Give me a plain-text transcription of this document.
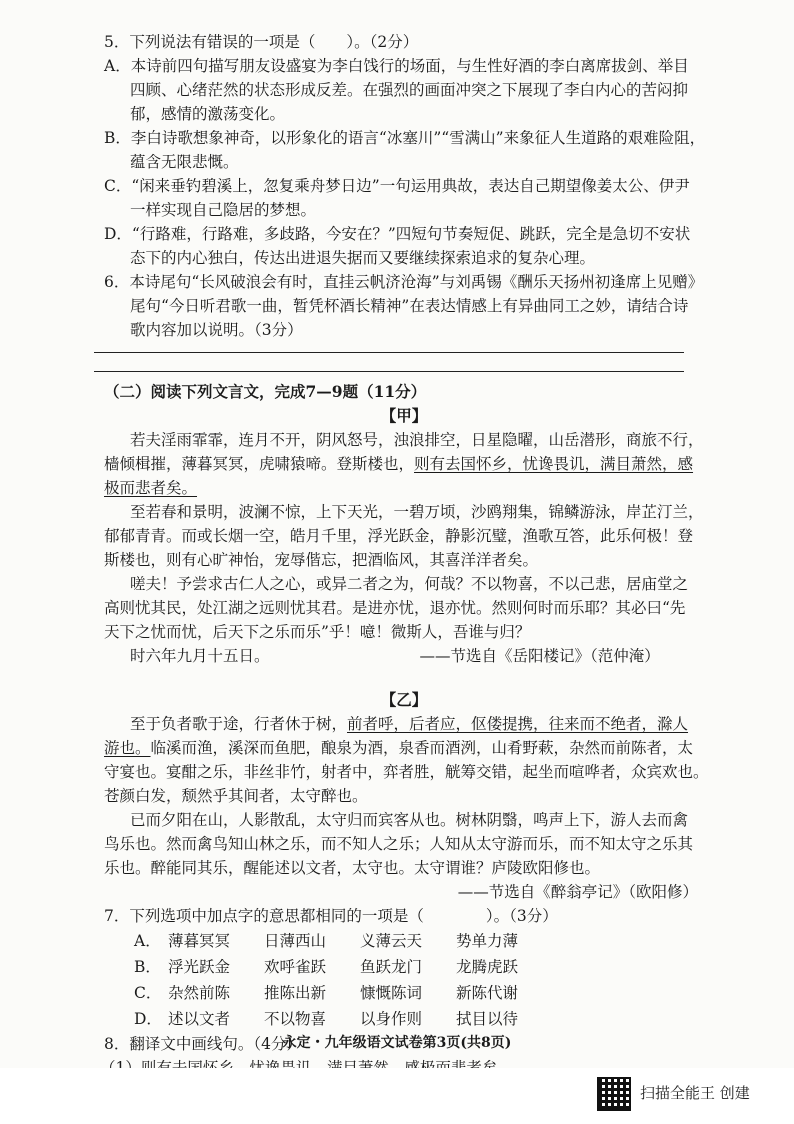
5．下列说法有错误的一项是（　　）。（2分）
A．本诗前四句描写朋友设盛宴为李白饯行的场面，与生性好酒的李白离席拔剑、举目
四顾、心绪茫然的状态形成反差。在强烈的画面冲突之下展现了李白内心的苦闷抑
郁，感情的激荡变化。
B．李白诗歌想象神奇，以形象化的语言“冰塞川”“雪满山”来象征人生道路的艰难险阻，
蕴含无限悲慨。
C．“闲来垂钓碧溪上，忽复乘舟梦日边”一句运用典故，表达自己期望像姜太公、伊尹
一样实现自己隐居的梦想。
D．“行路难，行路难，多歧路，今安在？”四短句节奏短促、跳跃，完全是急切不安状
态下的内心独白，传达出进退失据而又要继续探索追求的复杂心理。
6．本诗尾句“长风破浪会有时，直挂云帆济沧海”与刘禹锡《酬乐天扬州初逢席上见赠》
尾句“今日听君歌一曲，暂凭杯酒长精神”在表达情感上有异曲同工之妙，请结合诗
歌内容加以说明。（3分）
（二）阅读下列文言文，完成7—9题（11分）
【甲】
若夫淫雨霏霏，连月不开，阴风怒号，浊浪排空，日星隐曜，山岳潜形，商旅不行，
樯倾楫摧，薄暮冥冥，虎啸猿啼。登斯楼也，则有去国怀乡，忧谗畏讥，满目萧然，感
极而悲者矣。
至若春和景明，波澜不惊，上下天光，一碧万顷，沙鸥翔集，锦鳞游泳，岸芷汀兰，
郁郁青青。而或长烟一空，皓月千里，浮光跃金，静影沉璧，渔歌互答，此乐何极！登
斯楼也，则有心旷神怡，宠辱偕忘，把酒临风，其喜洋洋者矣。
嗟夫！予尝求古仁人之心，或异二者之为，何哉？不以物喜，不以己悲，居庙堂之
高则忧其民，处江湖之远则忧其君。是进亦忧，退亦忧。然则何时而乐耶？其必曰“先
天下之忧而忧，后天下之乐而乐”乎！噫！微斯人，吾谁与归？
时六年九月十五日。	——节选自《岳阳楼记》（范仲淹）
【乙】
至于负者歌于途，行者休于树，前者呼，后者应，伛偻提携，往来而不绝者，滁人
游也。临溪而渔，溪深而鱼肥，酿泉为酒，泉香而酒洌，山肴野蔌，杂然而前陈者，太
守宴也。宴酣之乐，非丝非竹，射者中，弈者胜，觥筹交错，起坐而喧哗者，众宾欢也。
苍颜白发，颓然乎其间者，太守醉也。
已而夕阳在山，人影散乱，太守归而宾客从也。树林阴翳，鸣声上下，游人去而禽
鸟乐也。然而禽鸟知山林之乐，而不知人之乐；人知从太守游而乐，而不知太守之乐其
乐也。醉能同其乐，醒能述以文者，太守也。太守谓谁？庐陵欧阳修也。
——节选自《醉翁亭记》（欧阳修）
7．下列选项中加点字的意思都相同的一项是（　　　　）。（3分）
A． 薄暮冥冥 日薄西山 义薄云天 势单力薄
B． 浮光跃金 欢呼雀跃 鱼跃龙门 龙腾虎跃
C． 杂然前陈 推陈出新 慷慨陈词 新陈代谢
D． 述以文者 不以物喜 以身作则 拭目以待
8．翻译文中画线句。（4分）
永定・九年级语文试卷第3页(共8页)
扫描全能王 创建
